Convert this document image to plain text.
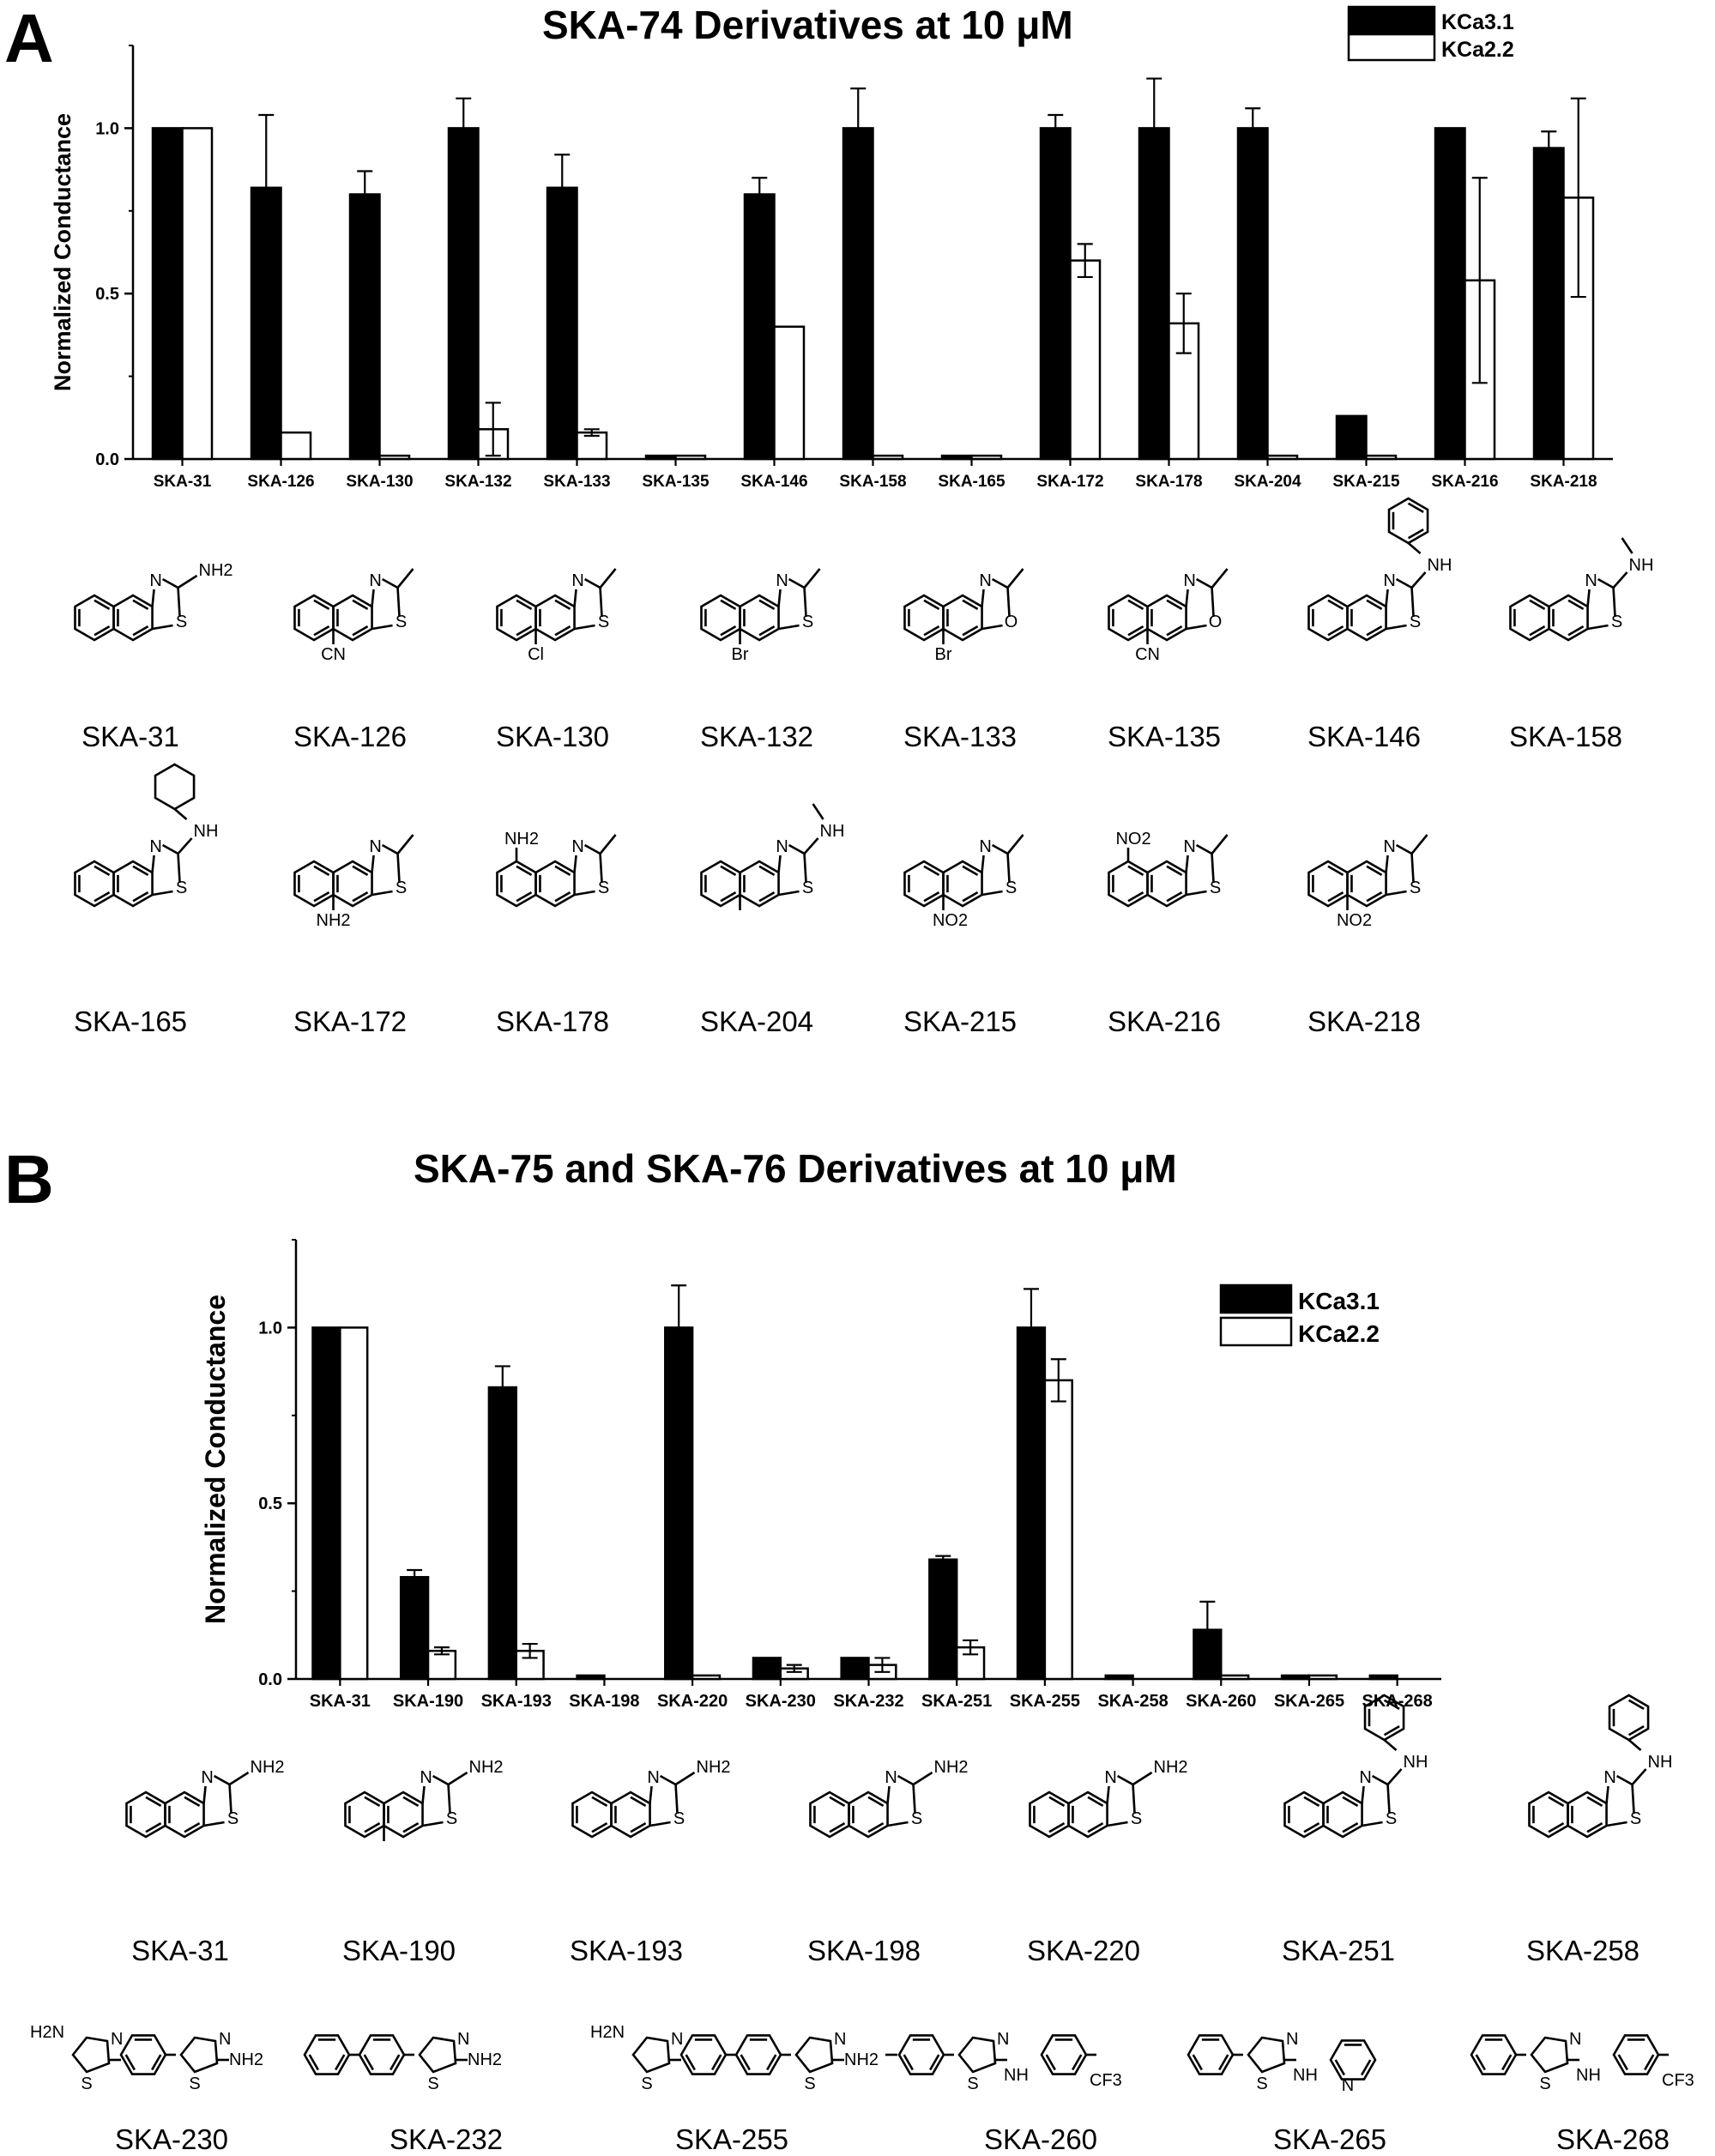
A	SKA-74 Derivatives at 10 μM
0.0
0.5
1.0
Normalized Conductance
SKA-31 SKA-126 SKA-130 SKA-132 SKA-133 SKA-135 SKA-146 SKA-158 SKA-165 SKA-172 SKA-178 SKA-204 SKA-215 SKA-216 SKA-218
KCa3.1
KCa2.2
N
S
NH2
SKA-31
N
S
CN
SKA-126
N
S
Cl
SKA-130
N
S
Br
SKA-132
N
O
Br
SKA-133
N
O
CN
SKA-135
N
S
NH
SKA-146
N
S
NH
SKA-158
N
S
NH
SKA-165
N
S
NH2
SKA-172
N
S
NH2
SKA-178
N
S
NH
SKA-204
N
S
NO2
SKA-215
N
S
NO2
SKA-216
N
S
NO2
SKA-218
B	SKA-75 and SKA-76 Derivatives at 10 μM
0.0
0.5
1.0
Normalized Conductance
SKA-31 SKA-190 SKA-193 SKA-198 SKA-220 SKA-230 SKA-232 SKA-251 SKA-255 SKA-258 SKA-260 SKA-265 SKA-268
KCa3.1
KCa2.2
N
S
NH2
SKA-31
N
S
NH2
SKA-190
N
S
NH2
SKA-193
N
S
NH2
SKA-198
N
S
NH2
SKA-220
N
S
NH
SKA-251
N
S
NH
SKA-258
H2N	N
S
N
S
NH2
SKA-230
N
S
NH2
SKA-232
H2N	N
S
N
S
NH2
SKA-255
N
S NH	CF3
SKA-260
N
S NH
N
SKA-265
N
S NH	CF3
SKA-268
